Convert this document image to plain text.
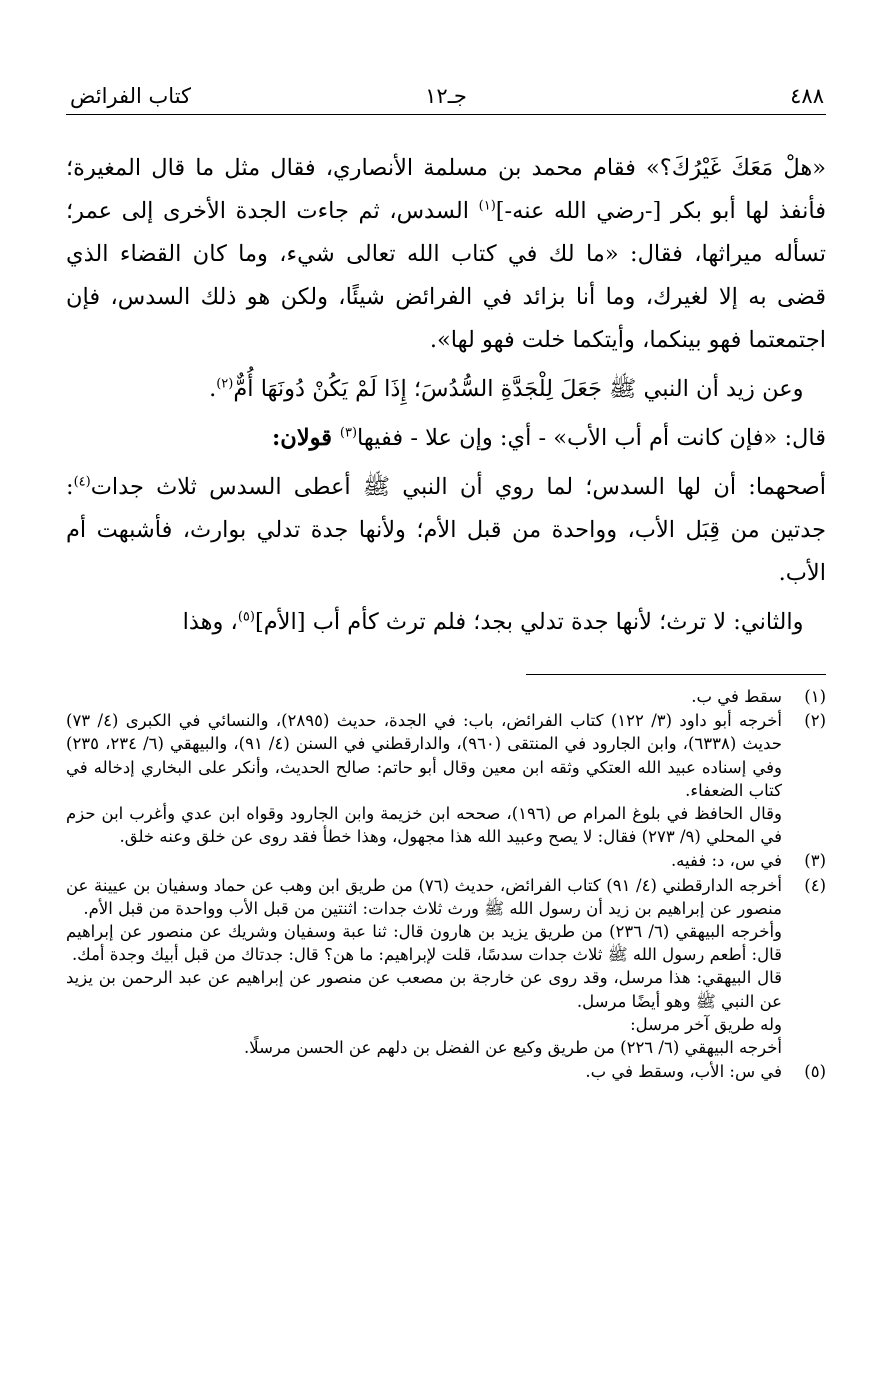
٤٨٨
جـ١٢
كتاب الفرائض

«هلْ مَعَكَ غَيْرُكَ؟» فقام محمد بن مسلمة الأنصاري، فقال مثل ما قال المغيرة؛ فأنفذ لها أبو بكر [-رضي الله عنه-]$^{(١)}$ السدس، ثم جاءت الجدة الأخرى إلى عمر؛ تسأله ميراثها، فقال: «ما لك في كتاب الله تعالى شيء، وما كان القضاء الذي قضى به إلا لغيرك، وما أنا بزائد في الفرائض شيئًا، ولكن هو ذلك السدس، فإن اجتمعتما فهو بينكما، وأيتكما خلت فهو لها».

 وعن زيد أن النبي ﷺ جَعَلَ لِلْجَدَّةِ السُّدُسَ؛ إِذَا لَمْ يَكُنْ دُونَهَا أُمٌّ$^{(٢)}$.

قال: «فإن كانت أم أب الأب» - أي: وإن علا - ففيها$^{(٣)}$ قولان:

أصحهما: أن لها السدس؛ لما روي أن النبي ﷺ أعطى السدس ثلاث جدات$^{(٤)}$: جدتين من قِبَل الأب، وواحدة من قبل الأم؛ ولأنها جدة تدلي بوارث، فأشبهت أم الأب.

 والثاني: لا ترث؛ لأنها جدة تدلي بجد؛ فلم ترث كأم أب [الأم]$^{(٥)}$، وهذا

(١)

سقط في ب.

(٢)

أخرجه أبو داود (٣/ ١٢٢) كتاب الفرائض، باب: في الجدة، حديث (٢٨٩٥)، والنسائي في الكبرى (٤/ ٧٣) حديث (٦٣٣٨)، وابن الجارود في المنتقى (٩٦٠)، والدارقطني في السنن (٤/ ٩١)، والبيهقي (٦/ ٢٣٤، ٢٣٥) وفي إسناده عبيد الله العتكي وثقه ابن معين وقال أبو حاتم: صالح الحديث، وأنكر على البخاري إدخاله في كتاب الضعفاء.

وقال الحافظ في بلوغ المرام ص (١٩٦)، صححه ابن خزيمة وابن الجارود وقواه ابن عدي وأغرب ابن حزم في المحلي (٩/ ٢٧٣) فقال: لا يصح وعبيد الله هذا مجهول، وهذا خطأ فقد روى عن خلق وعنه خلق.

(٣)

في س، د: ففيه.

(٤)

أخرجه الدارقطني (٤/ ٩١) كتاب الفرائض، حديث (٧٦) من طريق ابن وهب عن حماد وسفيان بن عيينة عن منصور عن إبراهيم بن زيد أن رسول الله ﷺ ورث ثلاث جدات: اثنتين من قبل الأب وواحدة من قبل الأم.

وأخرجه البيهقي (٦/ ٢٣٦) من طريق يزيد بن هارون قال: ثنا عبة وسفيان وشريك عن منصور عن إبراهيم قال: أطعم رسول الله ﷺ ثلاث جدات سدسًا، قلت لإبراهيم: ما هن؟ قال: جدتاك من قبل أبيك وجدة أمك.

قال البيهقي: هذا مرسل، وقد روى عن خارجة بن مصعب عن منصور عن إبراهيم عن عبد الرحمن بن يزيد عن النبي ﷺ وهو أيضًا مرسل.

وله طريق آخر مرسل:

أخرجه البيهقي (٦/ ٢٢٦) من طريق وكيع عن الفضل بن دلهم عن الحسن مرسلًا.

(٥)

في س: الأب، وسقط في ب.
